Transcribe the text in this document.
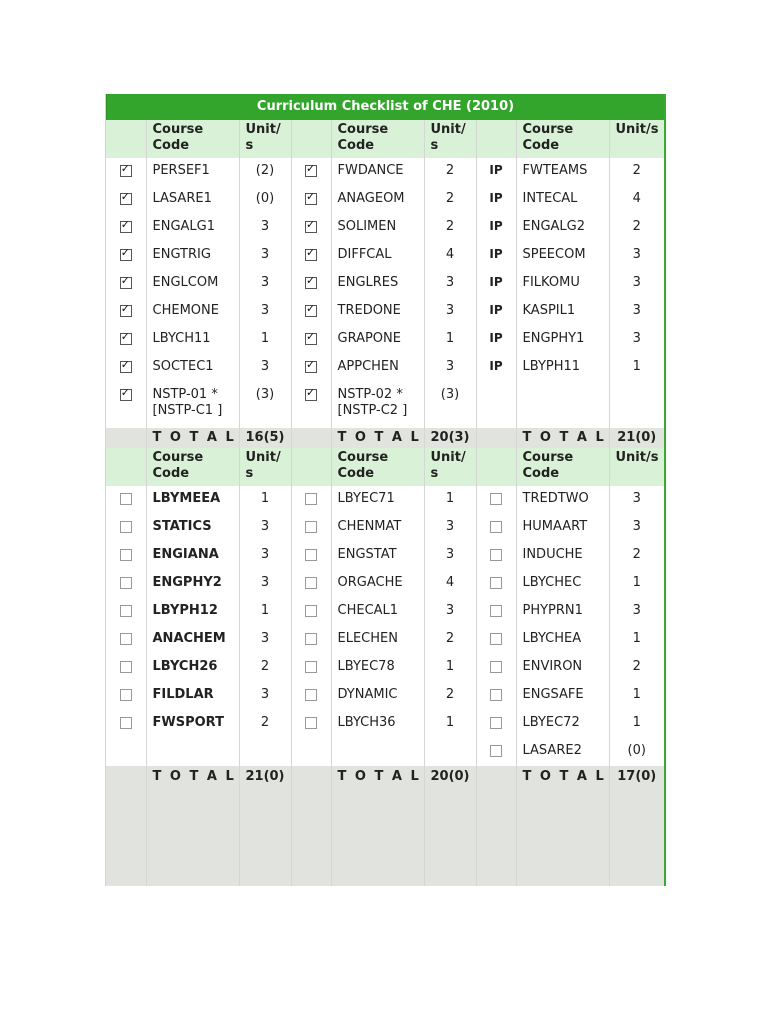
Curriculum Checklist of CHE (2010)
	Course
Code	Unit/
s		Course
Code	Unit/
s		Course
Code	Unit/s
✓	PERSEF1	(2)	✓	FWDANCE	2	IP	FWTEAMS	2
✓	LASARE1	(0)	✓	ANAGEOM	2	IP	INTECAL	4
✓	ENGALG1	3	✓	SOLIMEN	2	IP	ENGALG2	2
✓	ENGTRIG	3	✓	DIFFCAL	4	IP	SPEECOM	3
✓	ENGLCOM	3	✓	ENGLRES	3	IP	FILKOMU	3
✓	CHEMONE	3	✓	TREDONE	3	IP	KASPIL1	3
✓	LBYCH11	1	✓	GRAPONE	1	IP	ENGPHY1	3
✓	SOCTEC1	3	✓	APPCHEN	3	IP	LBYPH11	1
✓	NSTP-01 *
[NSTP-C1 ]	(3)	✓	NSTP-02 *
[NSTP-C2 ]	(3)			
	T O T A L	16(5)		T O T A L	20(3)		T O T A L	21(0)
	Course
Code	Unit/
s		Course
Code	Unit/
s		Course
Code	Unit/s
	LBYMEEA	1		LBYEC71	1		TREDTWO	3
	STATICS	3		CHENMAT	3		HUMAART	3
	ENGIANA	3		ENGSTAT	3		INDUCHE	2
	ENGPHY2	3		ORGACHE	4		LBYCHEC	1
	LBYPH12	1		CHECAL1	3		PHYPRN1	3
	ANACHEM	3		ELECHEN	2		LBYCHEA	1
	LBYCH26	2		LBYEC78	1		ENVIRON	2
	FILDLAR	3		DYNAMIC	2		ENGSAFE	1
	FWSPORT	2		LBYCH36	1		LBYEC72	1
							LASARE2	(0)
	T O T A L	21(0)		T O T A L	20(0)		T O T A L	17(0)
